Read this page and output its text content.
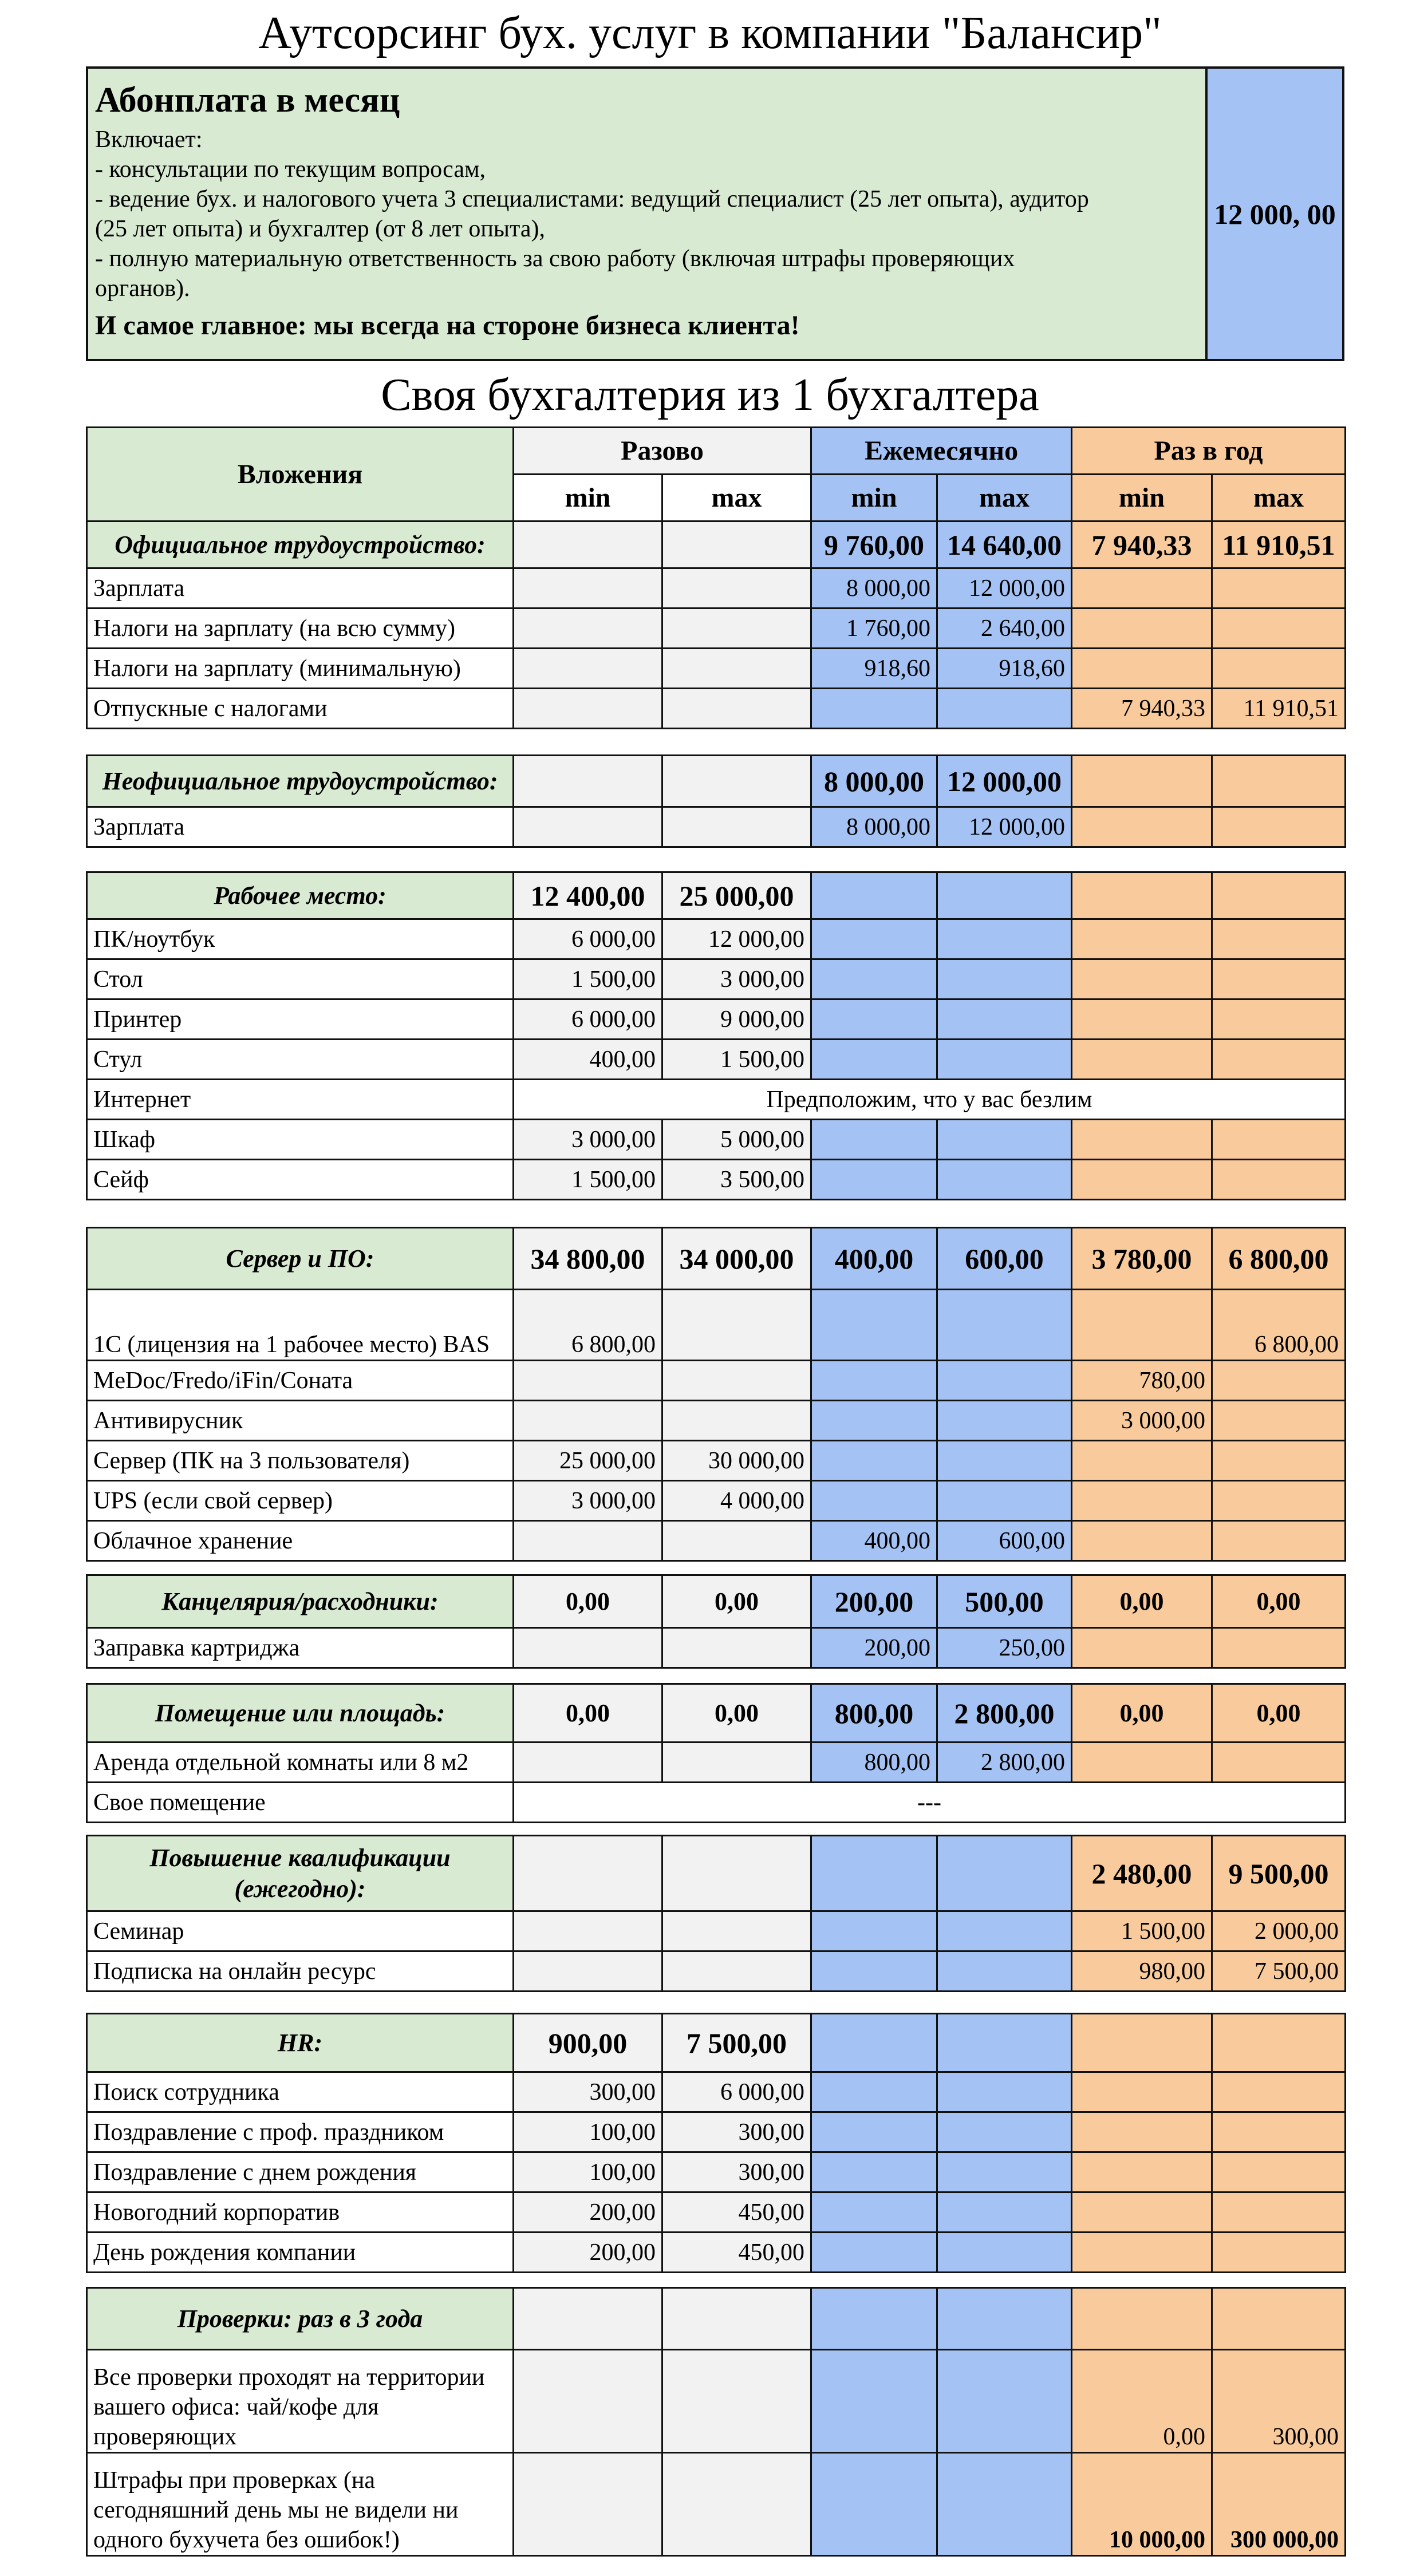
Аутсорсинг бух. услуг в компании "Балансир"
Абонплата в месяц
Включает:
- консультации по текущим вопросам,
- ведение бух. и налогового учета 3 специалистами: ведущий специалист (25 лет опыта), аудитор
(25 лет опыта) и бухгалтер (от 8 лет опыта),
- полную материальную ответственность за свою работу (включая штрафы проверяющих
органов).
И самое главное: мы всегда на стороне бизнеса клиента!
12 000, 00
Своя бухгалтерия из 1 бухгалтера
Вложения	Разово		Ежемесячно		Раз в год	
	min	max	min	max	min	max
Официальное трудоустройство:			9 760,00	14 640,00	7 940,33	11 910,51
Зарплата			8 000,00	12 000,00		
Налоги на зарплату (на всю сумму)			1 760,00	2 640,00		
Налоги на зарплату (минимальную)			918,60	918,60		
Отпускные с налогами					7 940,33	11 910,51
Неофициальное трудоустройство:			8 000,00	12 000,00		
Зарплата			8 000,00	12 000,00		
Рабочее место:	12 400,00	25 000,00				
ПК/ноутбук	6 000,00	12 000,00				
Стол	1 500,00	3 000,00				
Принтер	6 000,00	9 000,00				
Стул	400,00	1 500,00				
Интернет	Предположим, что у вас безлим					
Шкаф	3 000,00	5 000,00				
Сейф	1 500,00	3 500,00				
Сервер и ПО:	34 800,00	34 000,00	400,00	600,00	3 780,00	6 800,00
1С (лицензия на 1 рабочее место) BAS	6 800,00					6 800,00
MeDoc/Fredo/iFin/Соната					780,00	
Антивирусник					3 000,00	
Сервер (ПК на 3 пользователя)	25 000,00	30 000,00				
UPS (если свой сервер)	3 000,00	4 000,00				
Облачное хранение			400,00	600,00		
Канцелярия/расходники:	0,00	0,00	200,00	500,00	0,00	0,00
Заправка картриджа			200,00	250,00		
Помещение или площадь:	0,00	0,00	800,00	2 800,00	0,00	0,00
Аренда отдельной комнаты или 8 м2			800,00	2 800,00		
Свое помещение	---					
Повышение квалификации (ежегодно):					2 480,00	9 500,00
Семинар					1 500,00	2 000,00
Подписка на онлайн ресурс					980,00	7 500,00
HR:	900,00	7 500,00				
Поиск сотрудника	300,00	6 000,00				
Поздравление с проф. праздником	100,00	300,00				
Поздравление с днем рождения	100,00	300,00				
Новогодний корпоратив	200,00	450,00				
День рождения компании	200,00	450,00				
Проверки: раз в 3 года						
Все проверки проходят на территории вашего офиса: чай/кофе для проверяющих					0,00	300,00
Штрафы при проверках (на сегодняшний день мы не видели ни одного бухучета без ошибок!)					10 000,00	300 000,00
